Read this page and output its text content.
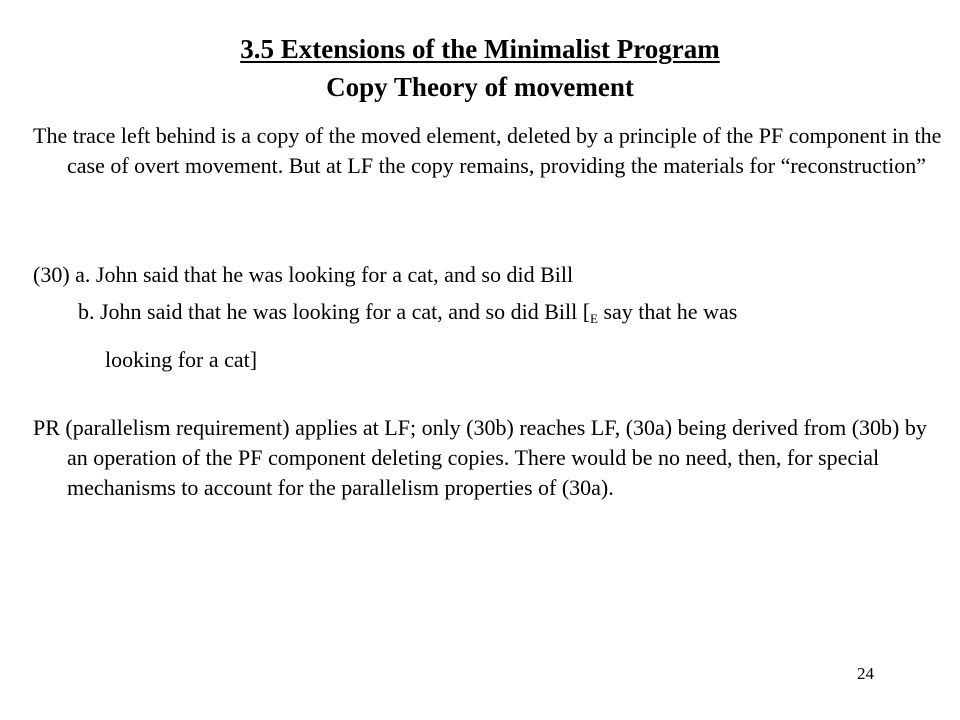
3.5 Extensions of the Minimalist Program
Copy Theory of movement

The trace left behind is a copy of the moved element, deleted by a principle of the PF component in the case of overt movement. But at LF the copy remains, providing the materials for “reconstruction”

(30) a. John said that he was looking for a cat, and so did Bill
b. John said that he was looking for a cat, and so did Bill [$_E$ say that he was
looking for a cat]

PR (parallelism requirement) applies at LF; only (30b) reaches LF, (30a) being derived from (30b) by an operation of the PF component deleting copies. There would be no need, then, for special mechanisms to account for the parallelism properties of (30a).

24
